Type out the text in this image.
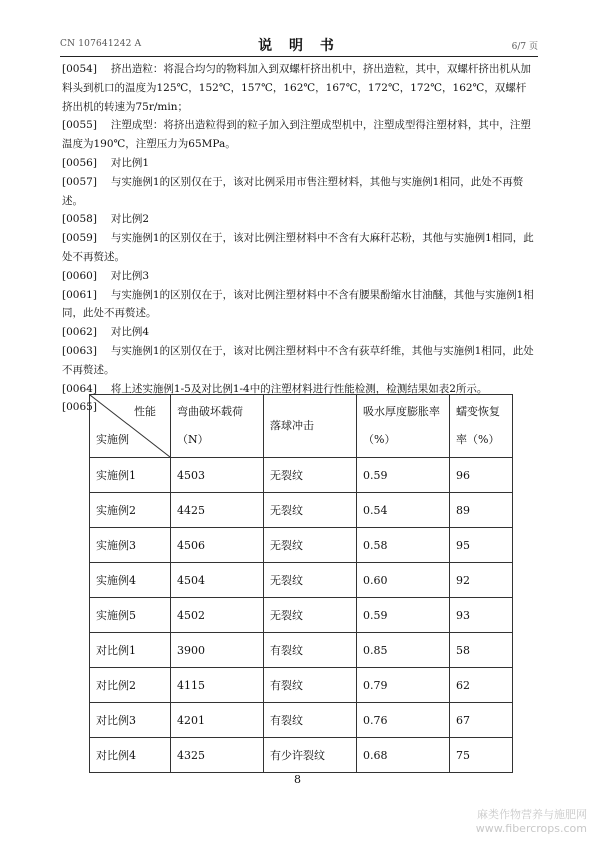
CN 107641242 A	说 明 书	6/7 页
[0054] 挤出造粒：将混合均匀的物料加入到双螺杆挤出机中，挤出造粒，其中，双螺杆挤出机从加料头到机口的温度为125℃，152℃，157℃，162℃，167℃，172℃，172℃，162℃，双螺杆挤出机的转速为75r/min；
[0055] 注塑成型：将挤出造粒得到的粒子加入到注塑成型机中，注塑成型得注塑材料，其中，注塑温度为190℃，注塑压力为65MPa。
[0056] 对比例1
[0057] 与实施例1的区别仅在于，该对比例采用市售注塑材料，其他与实施例1相同，此处不再赘述。
[0058] 对比例2
[0059] 与实施例1的区别仅在于，该对比例注塑材料中不含有大麻秆芯粉，其他与实施例1相同，此处不再赘述。
[0060] 对比例3
[0061] 与实施例1的区别仅在于，该对比例注塑材料中不含有腰果酚缩水甘油醚，其他与实施例1相同，此处不再赘述。
[0062] 对比例4
[0063] 与实施例1的区别仅在于，该对比例注塑材料中不含有荻草纤维，其他与实施例1相同，此处不再赘述。
[0064] 将上述实施例1-5及对比例1-4中的注塑材料进行性能检测，检测结果如表2所示。
[0065]	性能
实施例	弯曲破坏载荷（N）	落球冲击	吸水厚度膨胀率（%）	蠕变恢复率（%）

实施例1	4503	无裂纹	0.59	96
实施例2	4425	无裂纹	0.54	89
实施例3	4506	无裂纹	0.58	95
实施例4	4504	无裂纹	0.60	92
实施例5	4502	无裂纹	0.59	93
对比例1	3900	有裂纹	0.85	58
对比例2	4115	有裂纹	0.79	62
对比例3	4201	有裂纹	0.76	67
对比例4	4325	有少许裂纹	0.68	75
8
麻类作物营养与施肥网
www.fibercrops.com
